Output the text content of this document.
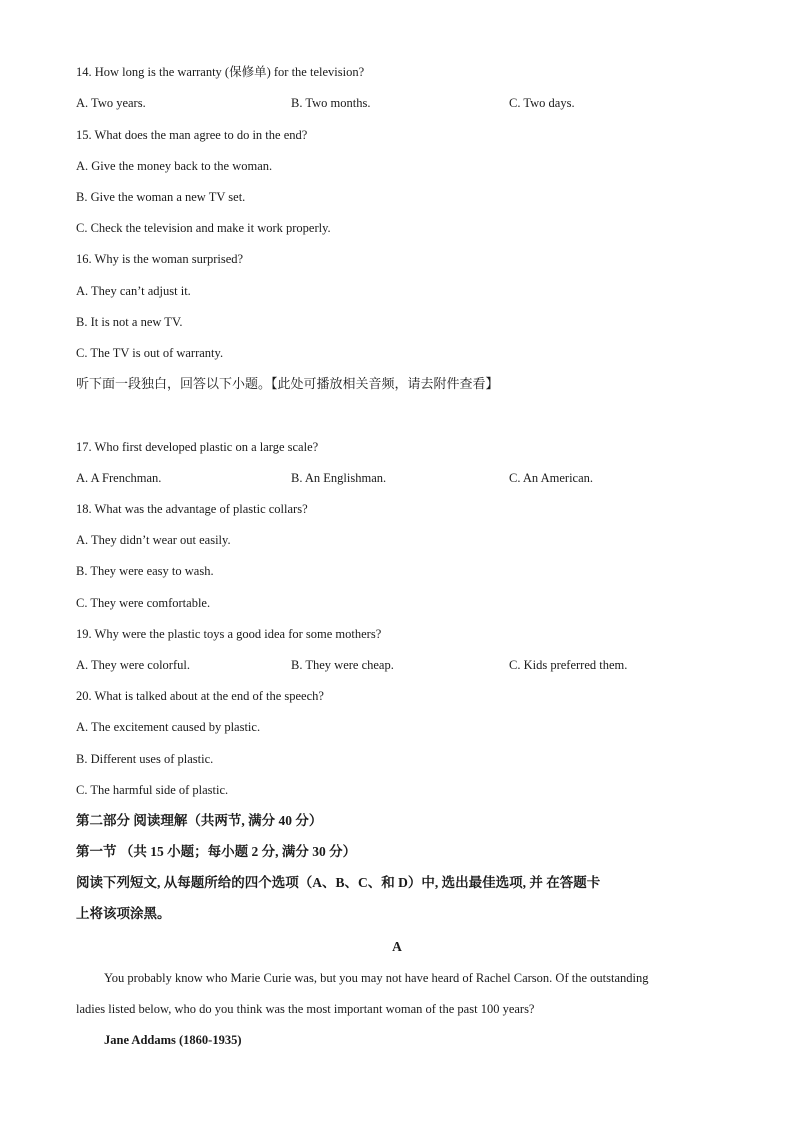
14. How long is the warranty (保修单) for the television?
A. Two years.	B. Two months.	C. Two days.
15. What does the man agree to do in the end?
A. Give the money back to the woman.
B. Give the woman a new TV set.
C. Check the television and make it work properly.
16. Why is the woman surprised?
A. They can’t adjust it.
B. It is not a new TV.
C. The TV is out of warranty.
听下面一段独白，回答以下小题。【此处可播放相关音频，请去附件查看】
17. Who first developed plastic on a large scale?
A. A Frenchman.	B. An Englishman.	C. An American.
18. What was the advantage of plastic collars?
A. They didn’t wear out easily.
B. They were easy to wash.
C. They were comfortable.
19. Why were the plastic toys a good idea for some mothers?
A. They were colorful.	B. They were cheap.	C. Kids preferred them.
20. What is talked about at the end of the speech?
A. The excitement caused by plastic.
B. Different uses of plastic.
C. The harmful side of plastic.
第二部分 阅读理解（共两节, 满分 40 分）
第一节 （共 15 小题；每小题 2 分, 满分 30 分）
阅读下列短文, 从每题所给的四个选项（A、B、C、和 D）中, 选出最佳选项, 并 在答题卡
上将该项涂黑。
A
You probably know who Marie Curie was, but you may not have heard of Rachel Carson. Of the outstanding
ladies listed below, who do you think was the most important woman of the past 100 years?
Jane Addams (1860-1935)
